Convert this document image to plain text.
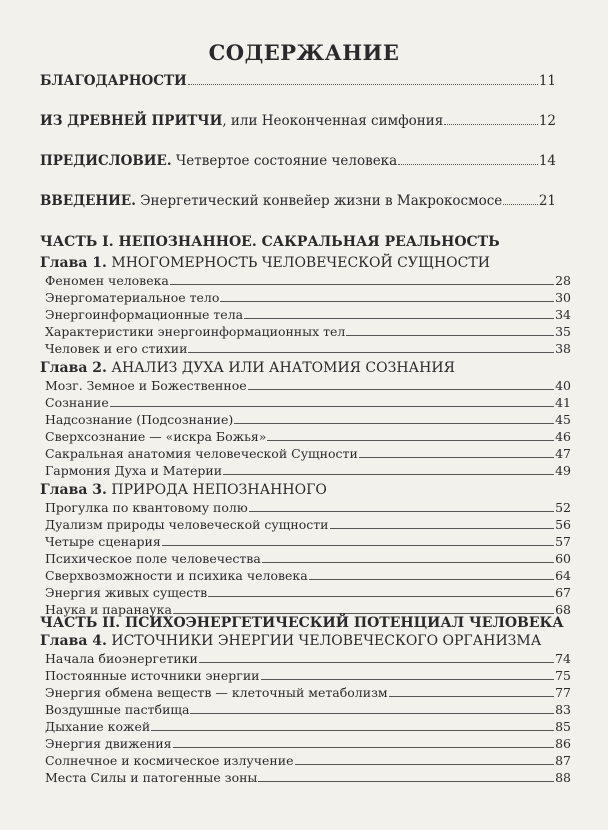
СОДЕРЖАНИЕ
БЛАГОДАРНОСТИ	11
ИЗ ДРЕВНЕЙ ПРИТЧИ, или Неоконченная симфония	12
ПРЕДИСЛОВИЕ. Четвертое состояние человека	14
ВВЕДЕНИЕ. Энергетический конвейер жизни в Макрокосмосе	21
ЧАСТЬ I. НЕПОЗНАННОЕ. САКРАЛЬНАЯ РЕАЛЬНОСТЬ
Глава 1. МНОГОМЕРНОСТЬ ЧЕЛОВЕЧЕСКОЙ СУЩНОСТИ
Феномен человека	28
Энергоматериальное тело	30
Энергоинформационные тела	34
Характеристики энергоинформационных тел	35
Человек и его стихии	38
Глава 2. АНАЛИЗ ДУХА ИЛИ АНАТОМИЯ СОЗНАНИЯ
Мозг. Земное и Божественное	40
Сознание	41
Надсознание (Подсознание)	45
Сверхсознание — «искра Божья»	46
Сакральная анатомия человеческой Сущности	47
Гармония Духа и Материи	49
Глава 3. ПРИРОДА НЕПОЗНАННОГО
Прогулка по квантовому полю	52
Дуализм природы человеческой сущности	56
Четыре сценария	57
Психическое поле человечества	60
Сверхвозможности и психика человека	64
Энергия живых существ	67
Наука и паранаука	68
ЧАСТЬ II. ПСИХОЭНЕРГЕТИЧЕСКИЙ ПОТЕНЦИАЛ ЧЕЛОВЕКА
Глава 4. ИСТОЧНИКИ ЭНЕРГИИ ЧЕЛОВЕЧЕСКОГО ОРГАНИЗМА
Начала биоэнергетики	74
Постоянные источники энергии	75
Энергия обмена веществ — клеточный метаболизм	77
Воздушные пастбища	83
Дыхание кожей	85
Энергия движения	86
Солнечное и космическое излучение	87
Места Силы и патогенные зоны	88
